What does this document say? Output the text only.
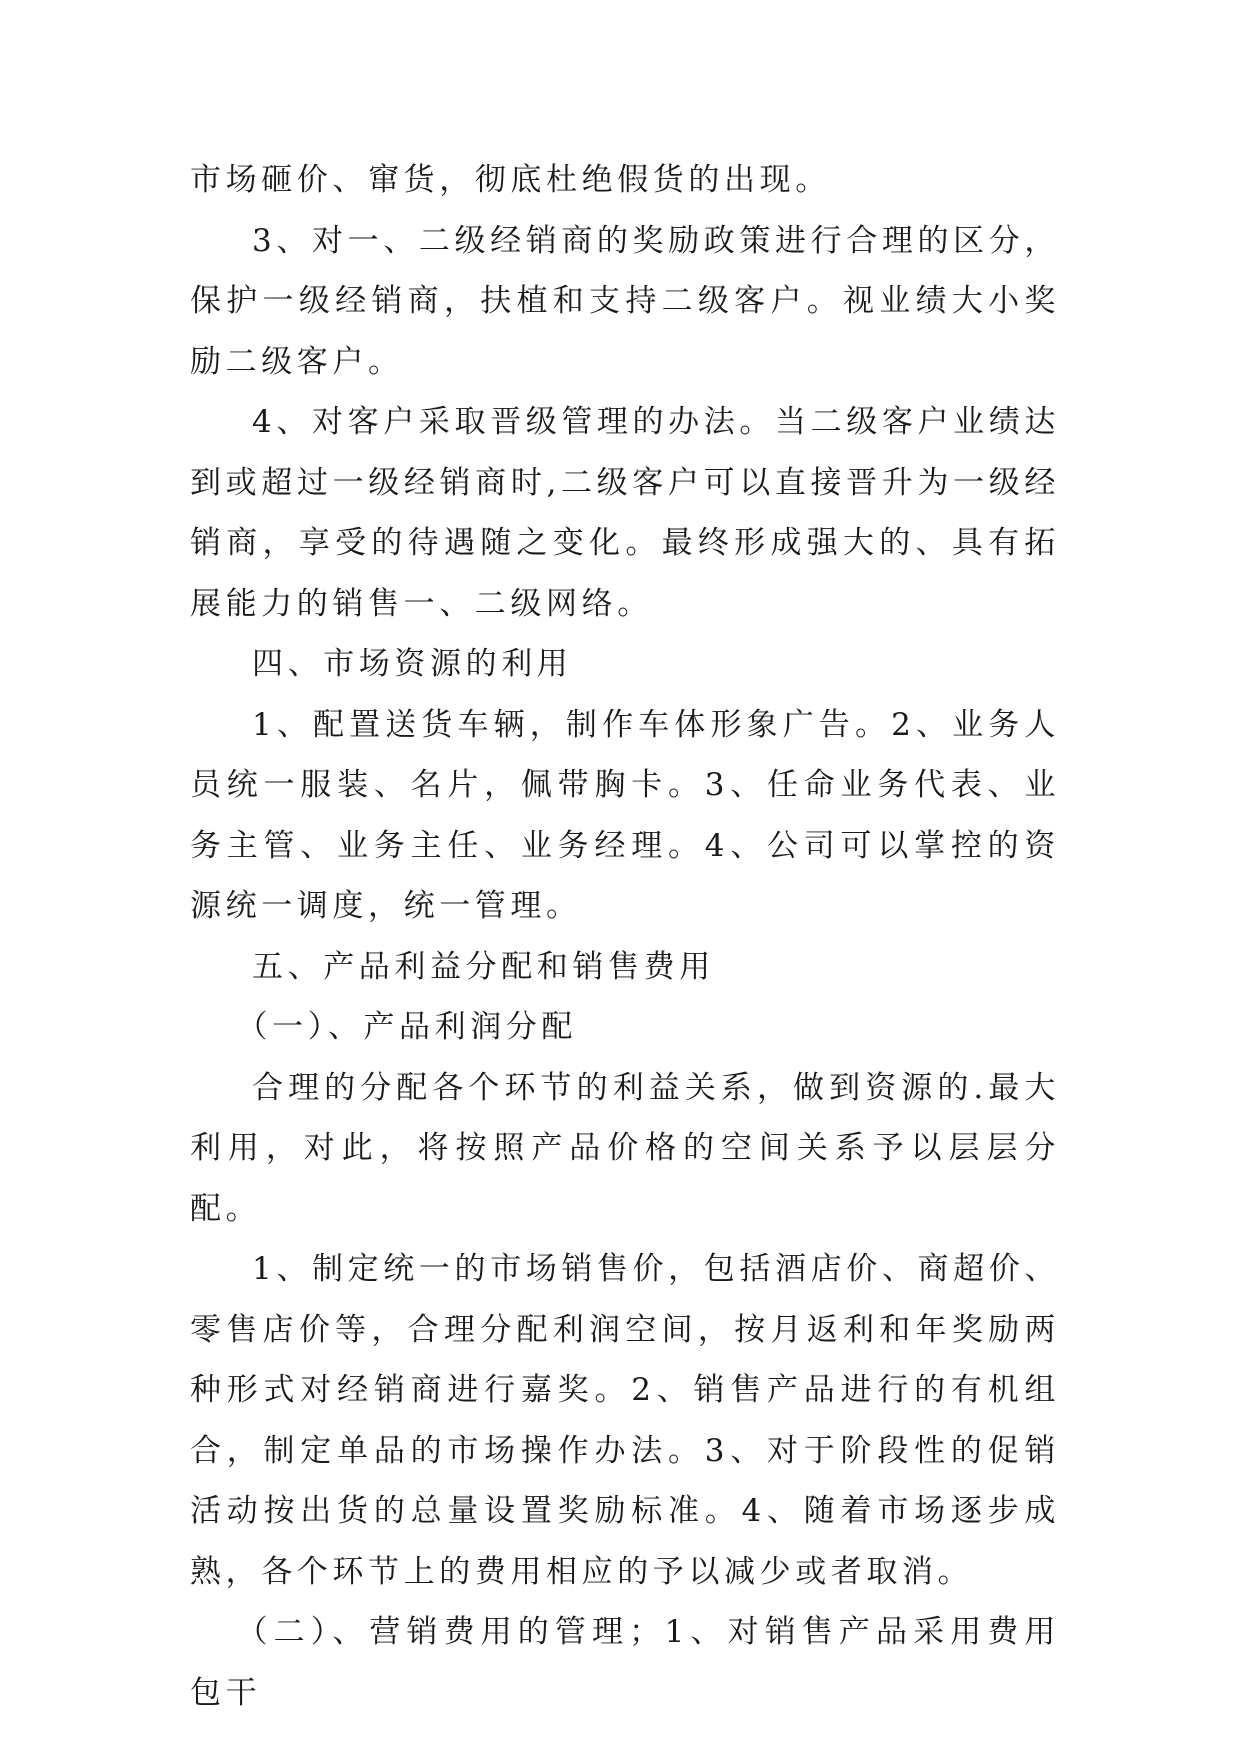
市场砸价、窜货，彻底杜绝假货的出现。

3、对一、二级经销商的奖励政策进行合理的区分，保护一级经销商，扶植和支持二级客户。视业绩大小奖励二级客户。

4、对客户采取晋级管理的办法。当二级客户业绩达到或超过一级经销商时,二级客户可以直接晋升为一级经销商，享受的待遇随之变化。最终形成强大的、具有拓展能力的销售一、二级网络。

四、市场资源的利用

1、配置送货车辆，制作车体形象广告。2、业务人员统一服装、名片，佩带胸卡。3、任命业务代表、业务主管、业务主任、业务经理。4、公司可以掌控的资源统一调度，统一管理。

五、产品利益分配和销售费用

（一）、产品利润分配

合理的分配各个环节的利益关系，做到资源的.最大利用，对此，将按照产品价格的空间关系予以层层分配。

1、制定统一的市场销售价，包括酒店价、商超价、零售店价等，合理分配利润空间，按月返利和年奖励两种形式对经销商进行嘉奖。2、销售产品进行的有机组合，制定单品的市场操作办法。3、对于阶段性的促销活动按出货的总量设置奖励标准。4、随着市场逐步成熟，各个环节上的费用相应的予以减少或者取消。

（二）、营销费用的管理；1、对销售产品采用费用包干
